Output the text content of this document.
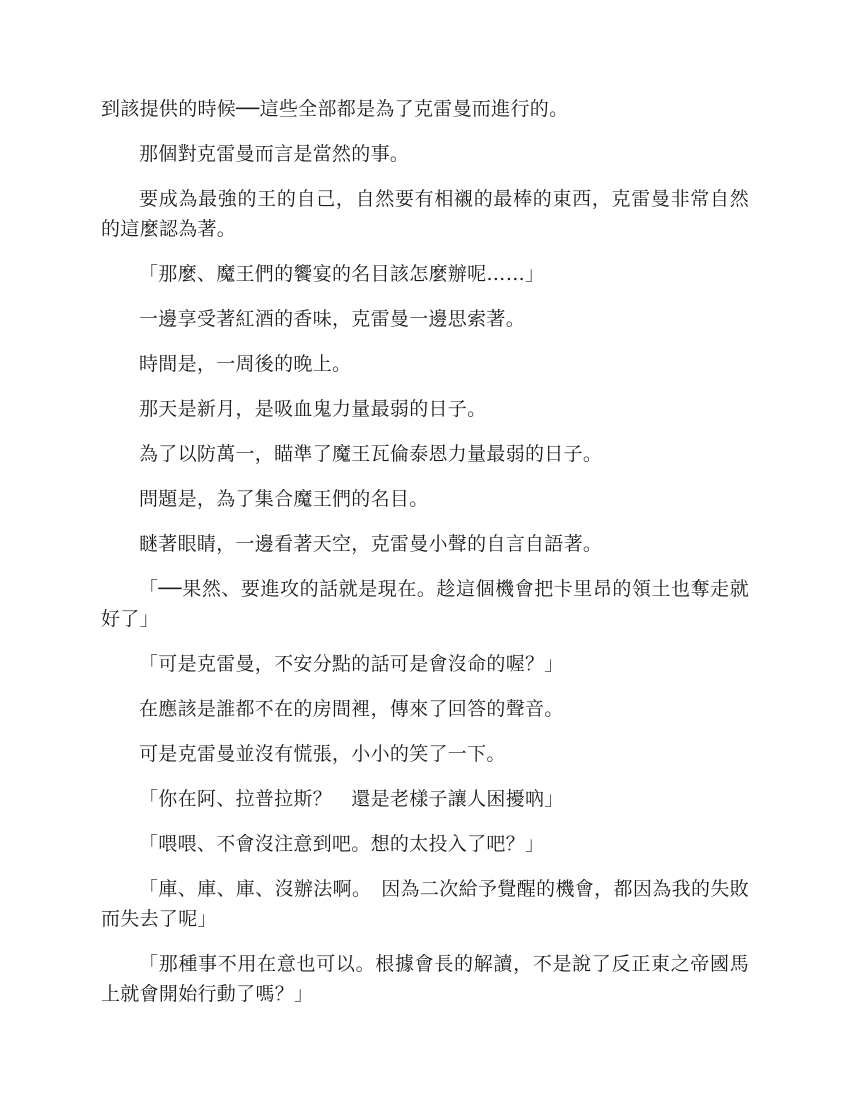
到該提供的時候──這些全部都是為了克雷曼而進行的。

那個對克雷曼而言是當然的事。

要成為最強的王的自己，自然要有相襯的最棒的東西，克雷曼非常自然的這麼認為著。

「那麼、魔王們的饗宴的名目該怎麼辦呢……」

一邊享受著紅酒的香味，克雷曼一邊思索著。

時間是，一周後的晚上。

那天是新月，是吸血鬼力量最弱的日子。

為了以防萬一，瞄準了魔王瓦倫泰恩力量最弱的日子。

問題是，為了集合魔王們的名目。

瞇著眼睛，一邊看著天空，克雷曼小聲的自言自語著。

「──果然、要進攻的話就是現在。趁這個機會把卡里昂的領土也奪走就好了」

「可是克雷曼，不安分點的話可是會沒命的喔？」

在應該是誰都不在的房間裡，傳來了回答的聲音。

可是克雷曼並沒有慌張，小小的笑了一下。

「你在阿、拉普拉斯？　還是老樣子讓人困擾吶」

「喂喂、不會沒注意到吧。想的太投入了吧？」

「庫、庫、庫、沒辦法啊。　因為二次給予覺醒的機會，都因為我的失敗而失去了呢」

「那種事不用在意也可以。根據會長的解讀，不是說了反正東之帝國馬上就會開始行動了嗎？」
